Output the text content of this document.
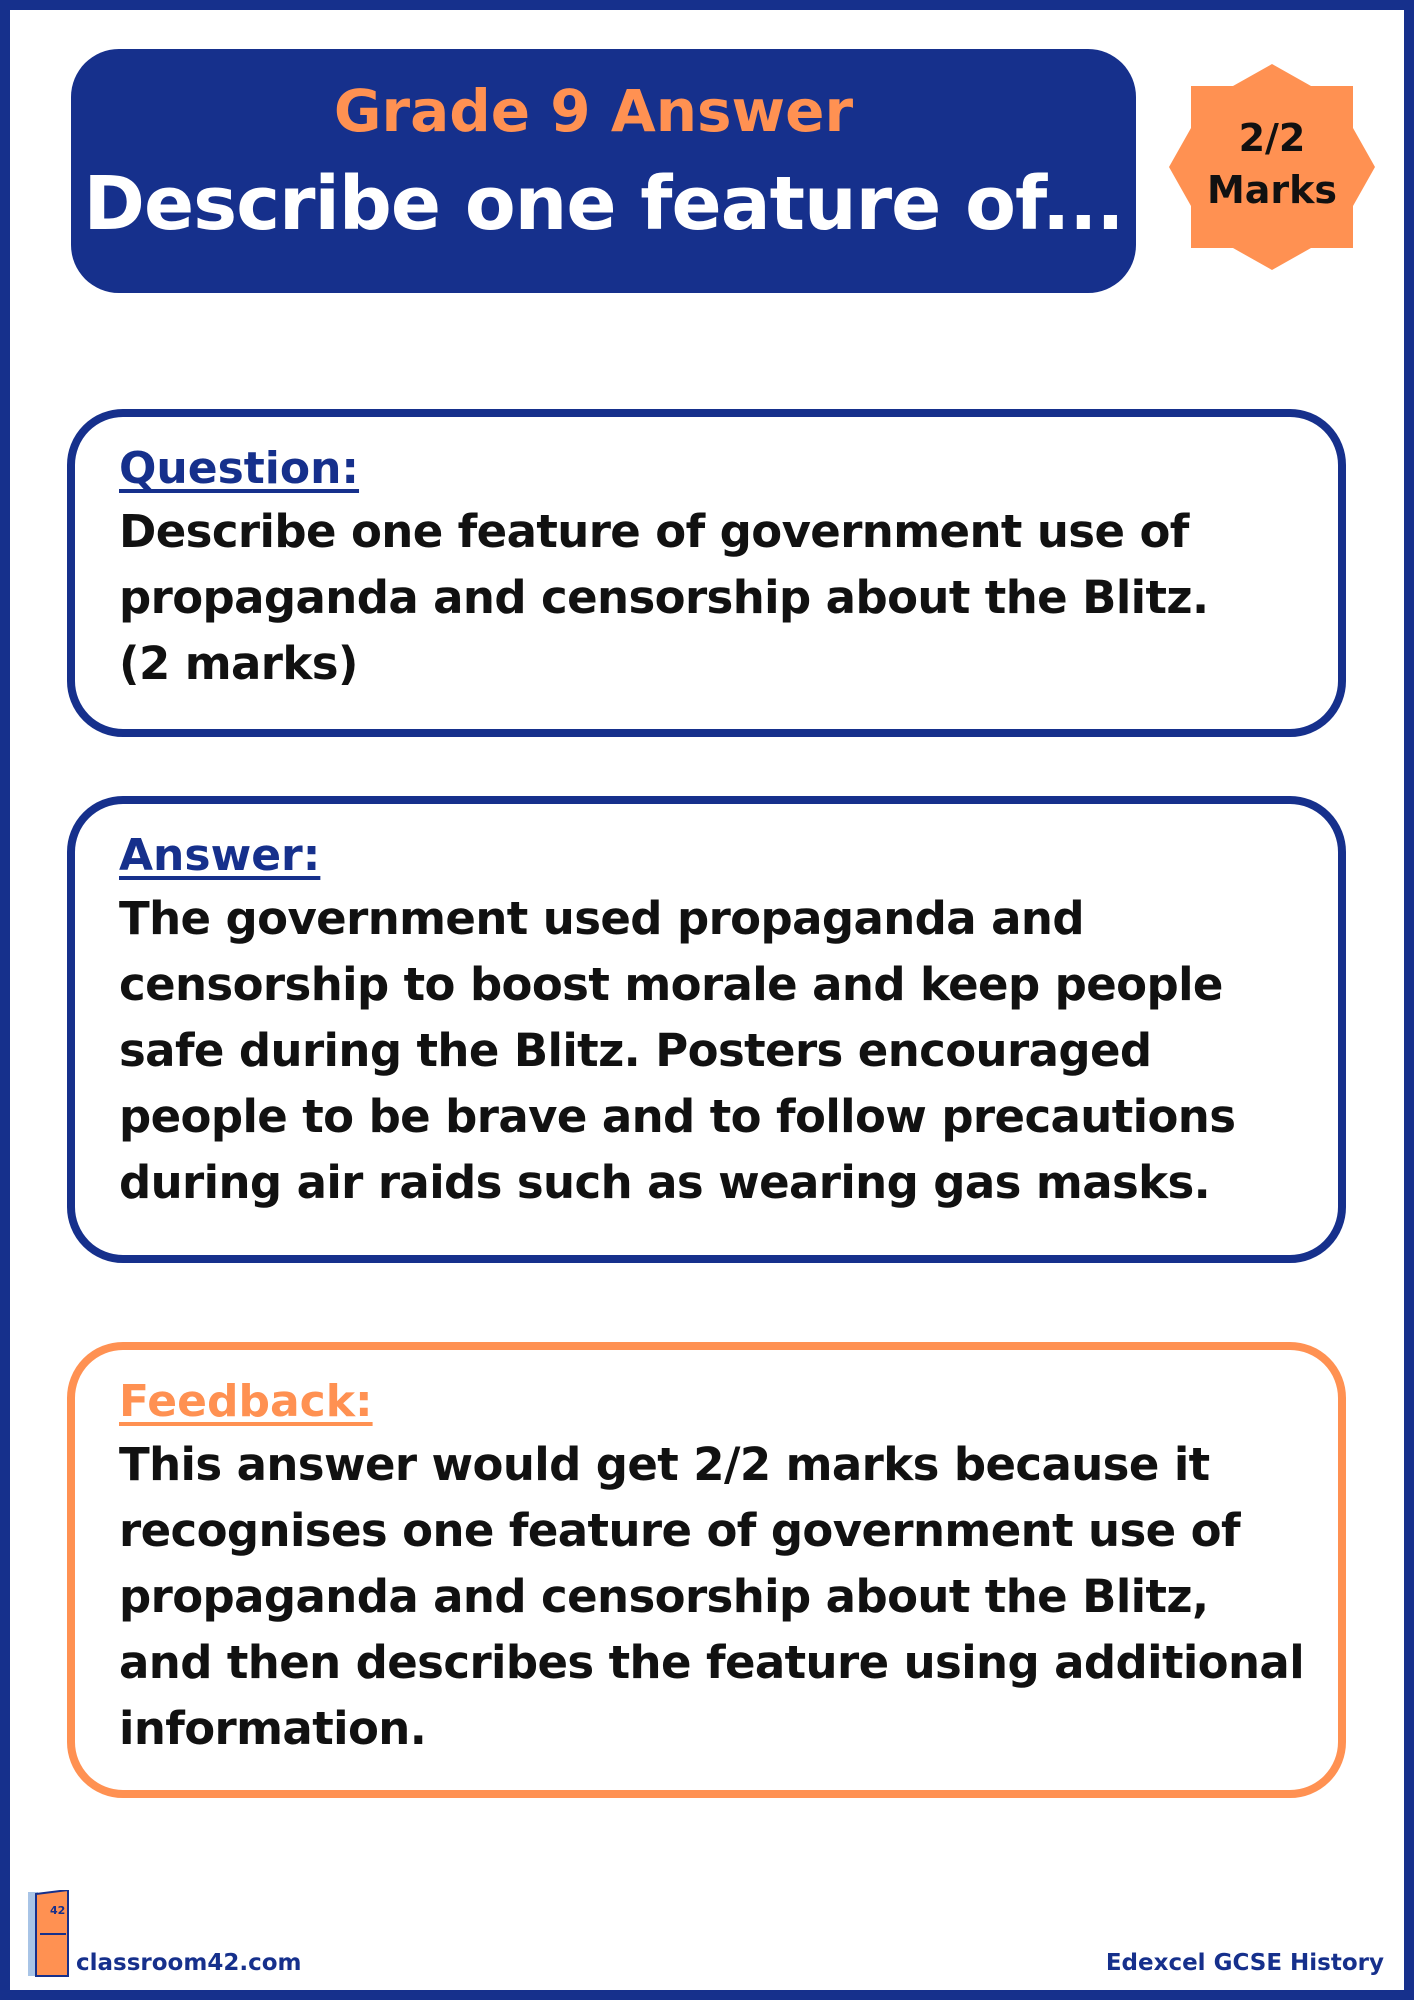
Grade 9 Answer
Describe one feature of...
2/2
Marks
Question:
Describe one feature of government use of propaganda and censorship about the Blitz. (2 marks)
Answer:
The government used propaganda and censorship to boost morale and keep people safe during the Blitz. Posters encouraged people to be brave and to follow precautions during air raids such as wearing gas masks.
Feedback:
This answer would get 2/2 marks because it recognises one feature of government use of propaganda and censorship about the Blitz, and then describes the feature using additional information.
42
classroom42.com	Edexcel GCSE History
